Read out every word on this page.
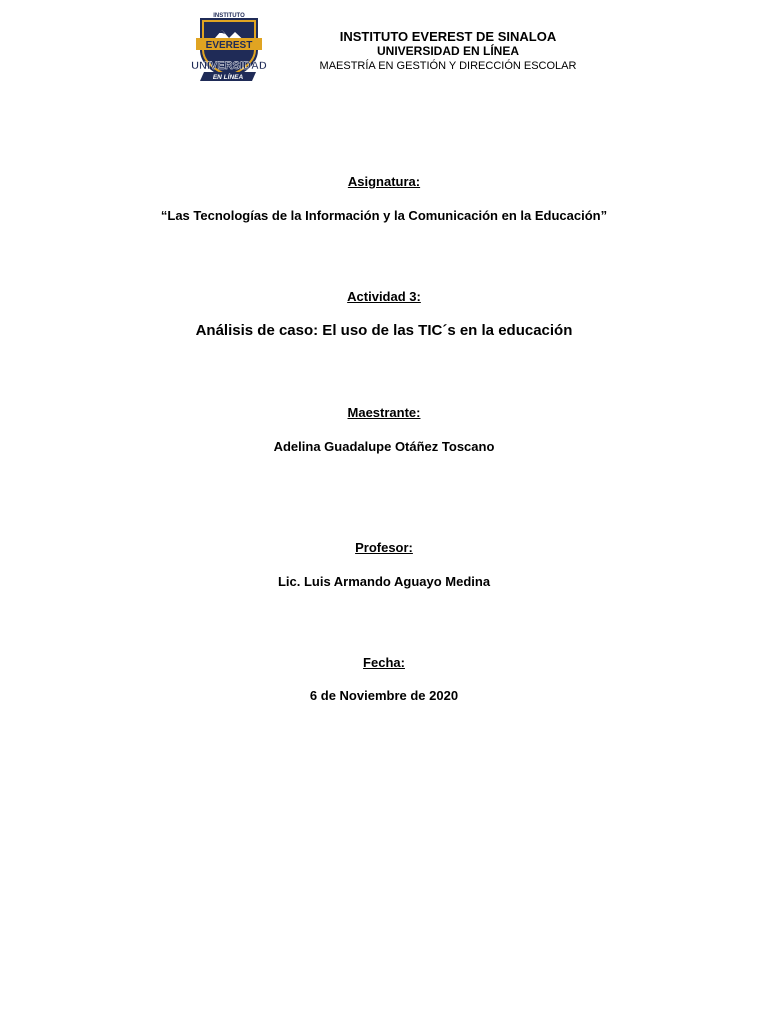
EVEREST
INSTITUTO
UNIVERSIDAD
EN LÍNEA
INSTITUTO EVEREST DE SINALOA
UNIVERSIDAD EN LÍNEA
MAESTRÍA EN GESTIÓN Y DIRECCIÓN ESCOLAR
Asignatura:
“Las Tecnologías de la Información y la Comunicación en la Educación”
Actividad 3:
Análisis de caso: El uso de las TIC´s en la educación
Maestrante:
Adelina Guadalupe Otáñez Toscano
Profesor:
Lic. Luis Armando Aguayo Medina
Fecha:
6 de Noviembre de 2020
